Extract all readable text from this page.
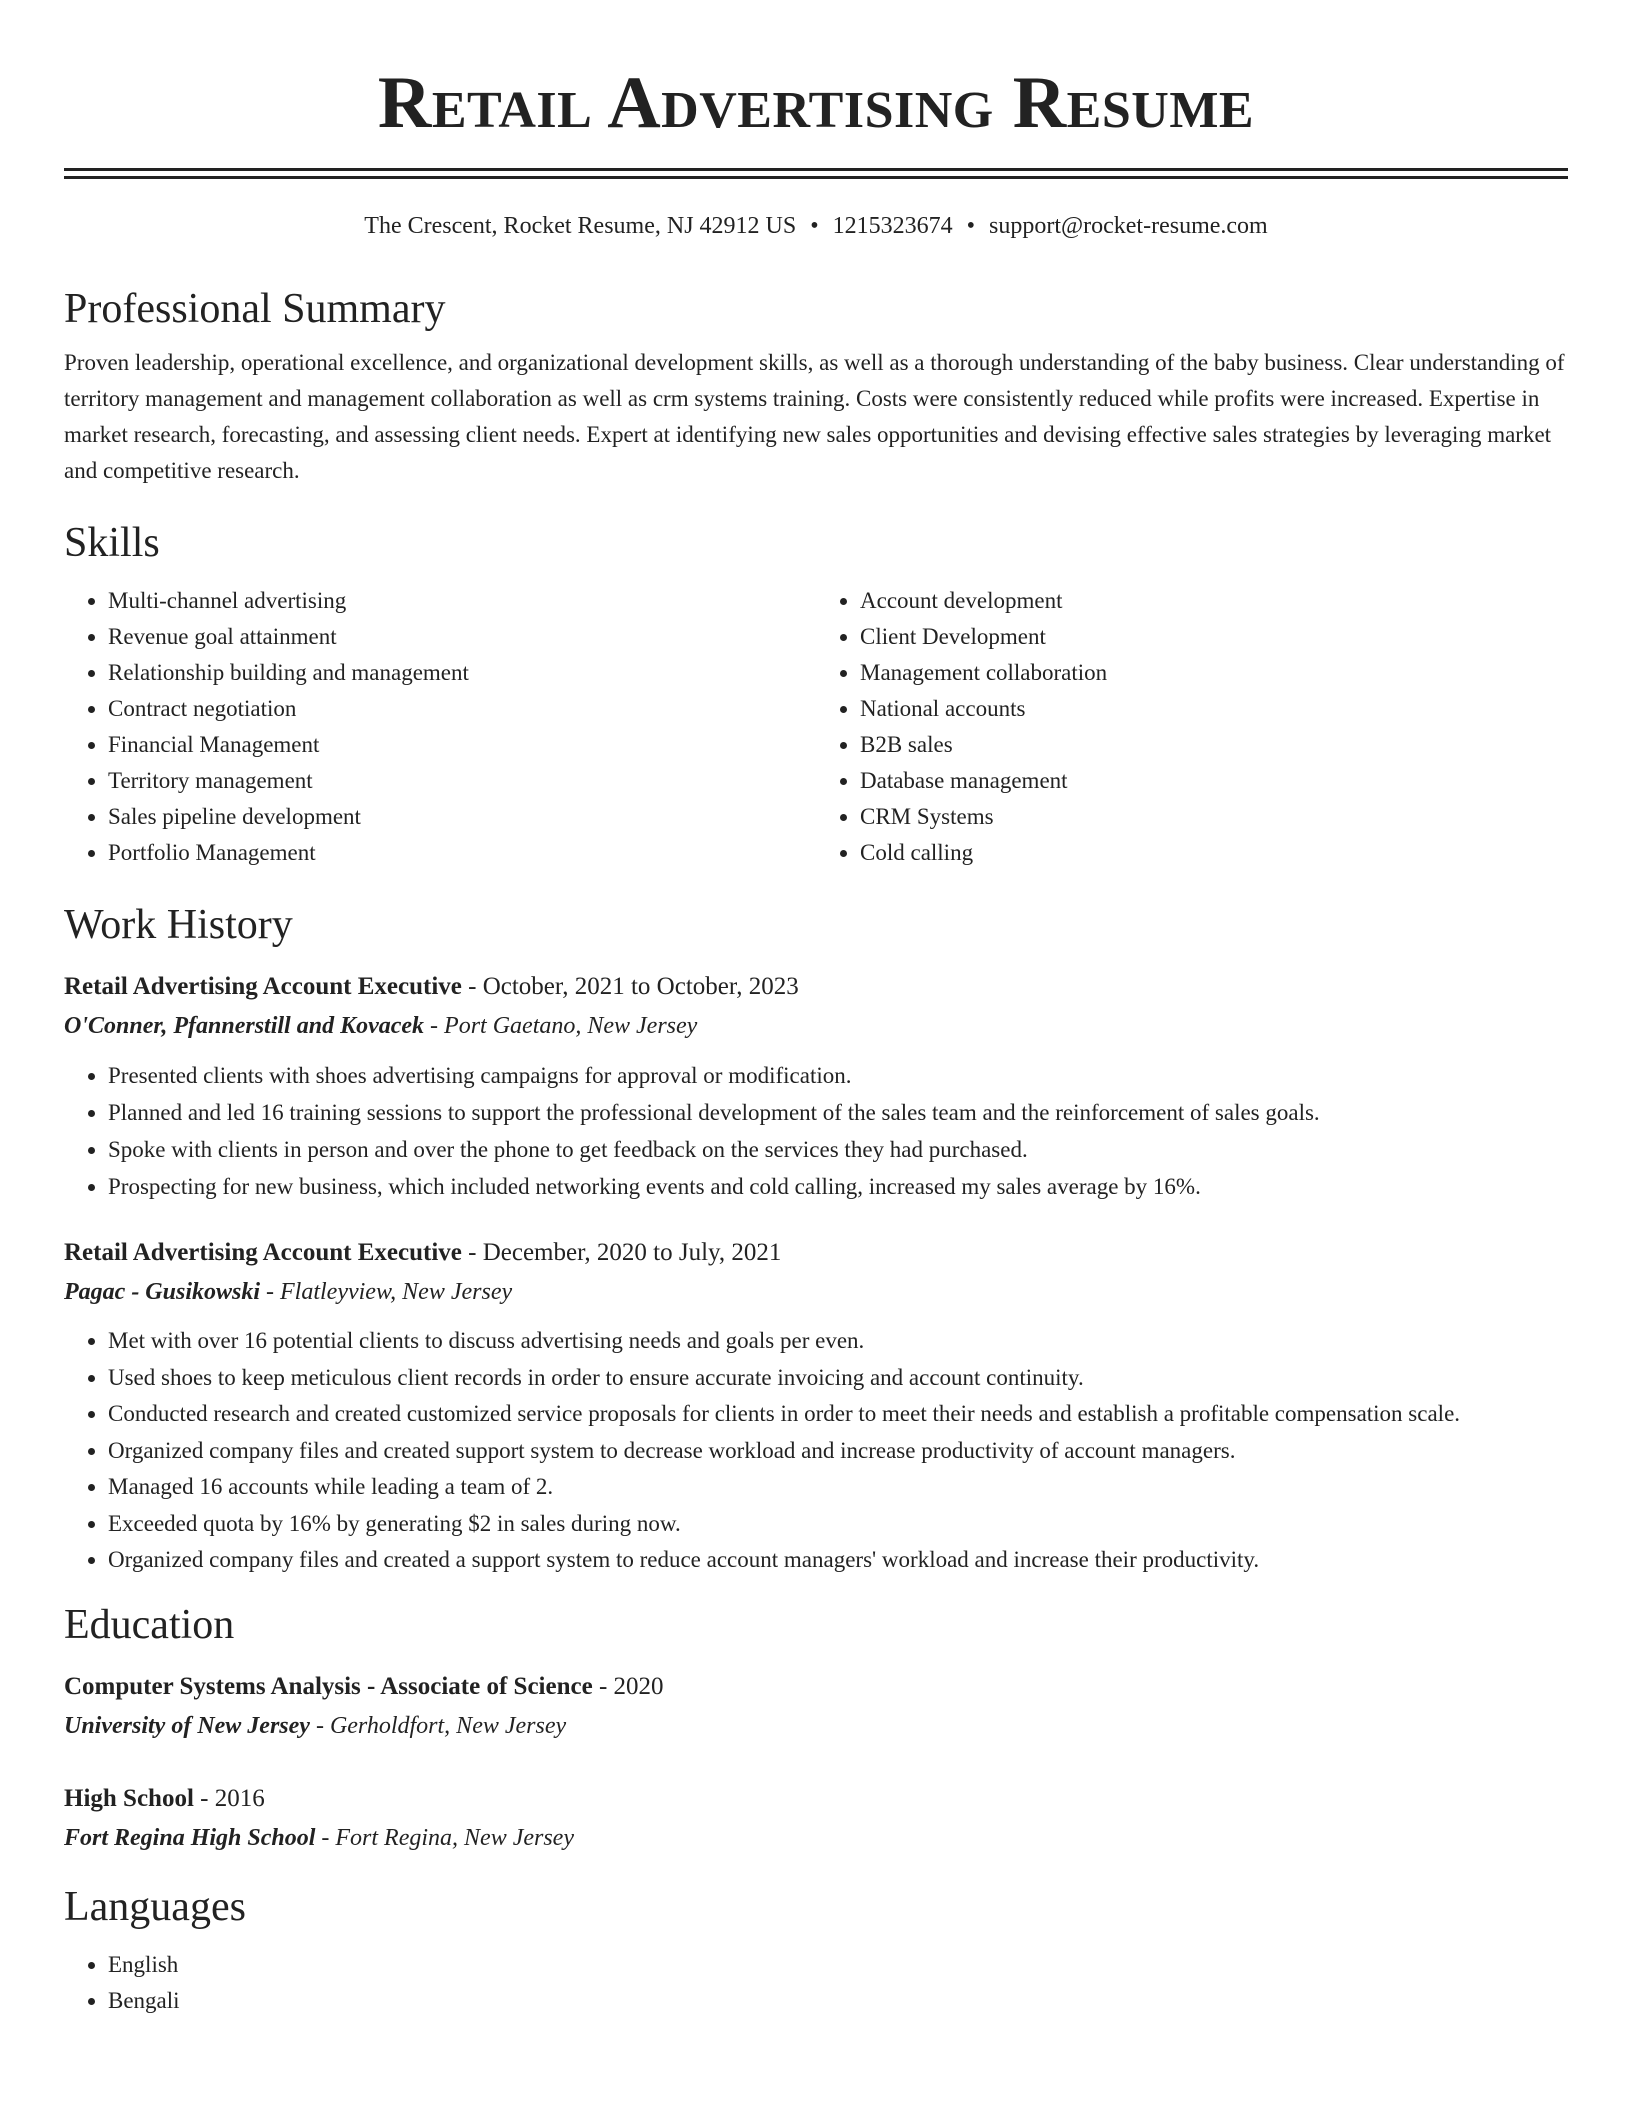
Retail Advertising Resume
The Crescent, Rocket Resume, NJ 42912 US • 1215323674 • support@rocket-resume.com
Professional Summary

Proven leadership, operational excellence, and organizational development skills, as well as a thorough understanding of the baby business. Clear understanding of territory management and management collaboration as well as crm systems training. Costs were consistently reduced while profits were increased. Expertise in market research, forecasting, and assessing client needs. Expert at identifying new sales opportunities and devising effective sales strategies by leveraging market and competitive research.

Skills
• Multi-channel advertising
• Revenue goal attainment
• Relationship building and management
• Contract negotiation
• Financial Management
• Territory management
• Sales pipeline development
• Portfolio Management
• Account development
• Client Development
• Management collaboration
• National accounts
• B2B sales
• Database management
• CRM Systems
• Cold calling
Work History
Retail Advertising Account Executive - October, 2021 to October, 2023
O'Conner, Pfannerstill and Kovacek - Port Gaetano, New Jersey
• Presented clients with shoes advertising campaigns for approval or modification.
• Planned and led 16 training sessions to support the professional development of the sales team and the reinforcement of sales goals.
• Spoke with clients in person and over the phone to get feedback on the services they had purchased.
• Prospecting for new business, which included networking events and cold calling, increased my sales average by 16%.
Retail Advertising Account Executive - December, 2020 to July, 2021
Pagac - Gusikowski - Flatleyview, New Jersey
• Met with over 16 potential clients to discuss advertising needs and goals per even.
• Used shoes to keep meticulous client records in order to ensure accurate invoicing and account continuity.
• Conducted research and created customized service proposals for clients in order to meet their needs and establish a profitable compensation scale.
• Organized company files and created support system to decrease workload and increase productivity of account managers.
• Managed 16 accounts while leading a team of 2.
• Exceeded quota by 16% by generating $2 in sales during now.
• Organized company files and created a support system to reduce account managers' workload and increase their productivity.
Education
Computer Systems Analysis - Associate of Science - 2020
University of New Jersey - Gerholdfort, New Jersey
High School - 2016
Fort Regina High School - Fort Regina, New Jersey
Languages
• English
• Bengali
